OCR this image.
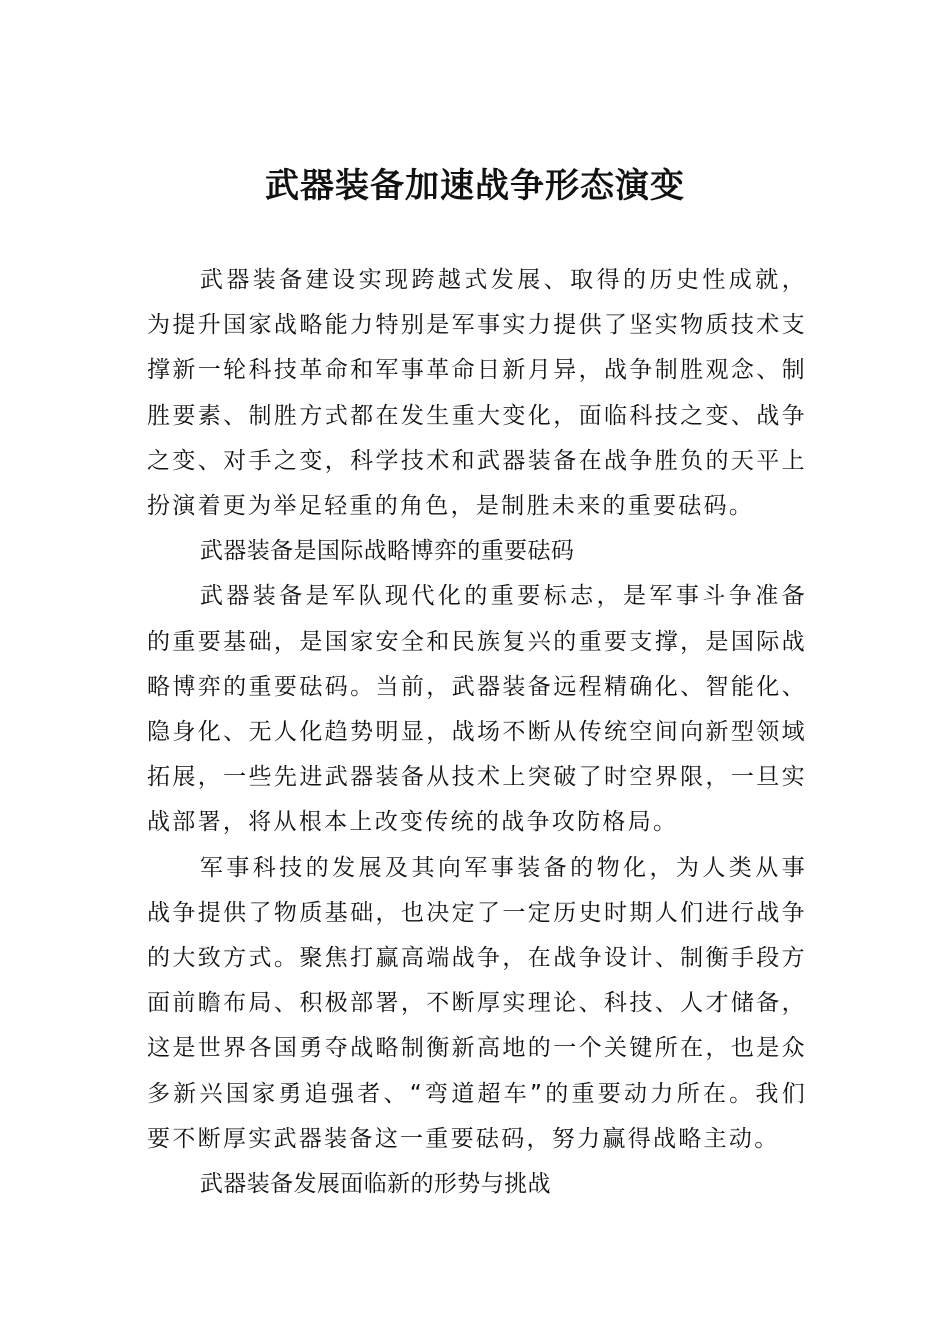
武器装备加速战争形态演变

武器装备建设实现跨越式发展、取得的历史性成就，为提升国家战略能力特别是军事实力提供了坚实物质技术支撑新一轮科技革命和军事革命日新月异，战争制胜观念、制胜要素、制胜方式都在发生重大变化，面临科技之变、战争之变、对手之变，科学技术和武器装备在战争胜负的天平上扮演着更为举足轻重的角色，是制胜未来的重要砝码。

武器装备是国际战略博弈的重要砝码

武器装备是军队现代化的重要标志，是军事斗争准备的重要基础，是国家安全和民族复兴的重要支撑，是国际战略博弈的重要砝码。当前，武器装备远程精确化、智能化、隐身化、无人化趋势明显，战场不断从传统空间向新型领域拓展，一些先进武器装备从技术上突破了时空界限，一旦实战部署，将从根本上改变传统的战争攻防格局。

军事科技的发展及其向军事装备的物化，为人类从事战争提供了物质基础，也决定了一定历史时期人们进行战争的大致方式。聚焦打赢高端战争，在战争设计、制衡手段方面前瞻布局、积极部署，不断厚实理论、科技、人才储备，这是世界各国勇夺战略制衡新高地的一个关键所在，也是众多新兴国家勇追强者、“弯道超车”的重要动力所在。我们要不断厚实武器装备这一重要砝码，努力赢得战略主动。

武器装备发展面临新的形势与挑战
